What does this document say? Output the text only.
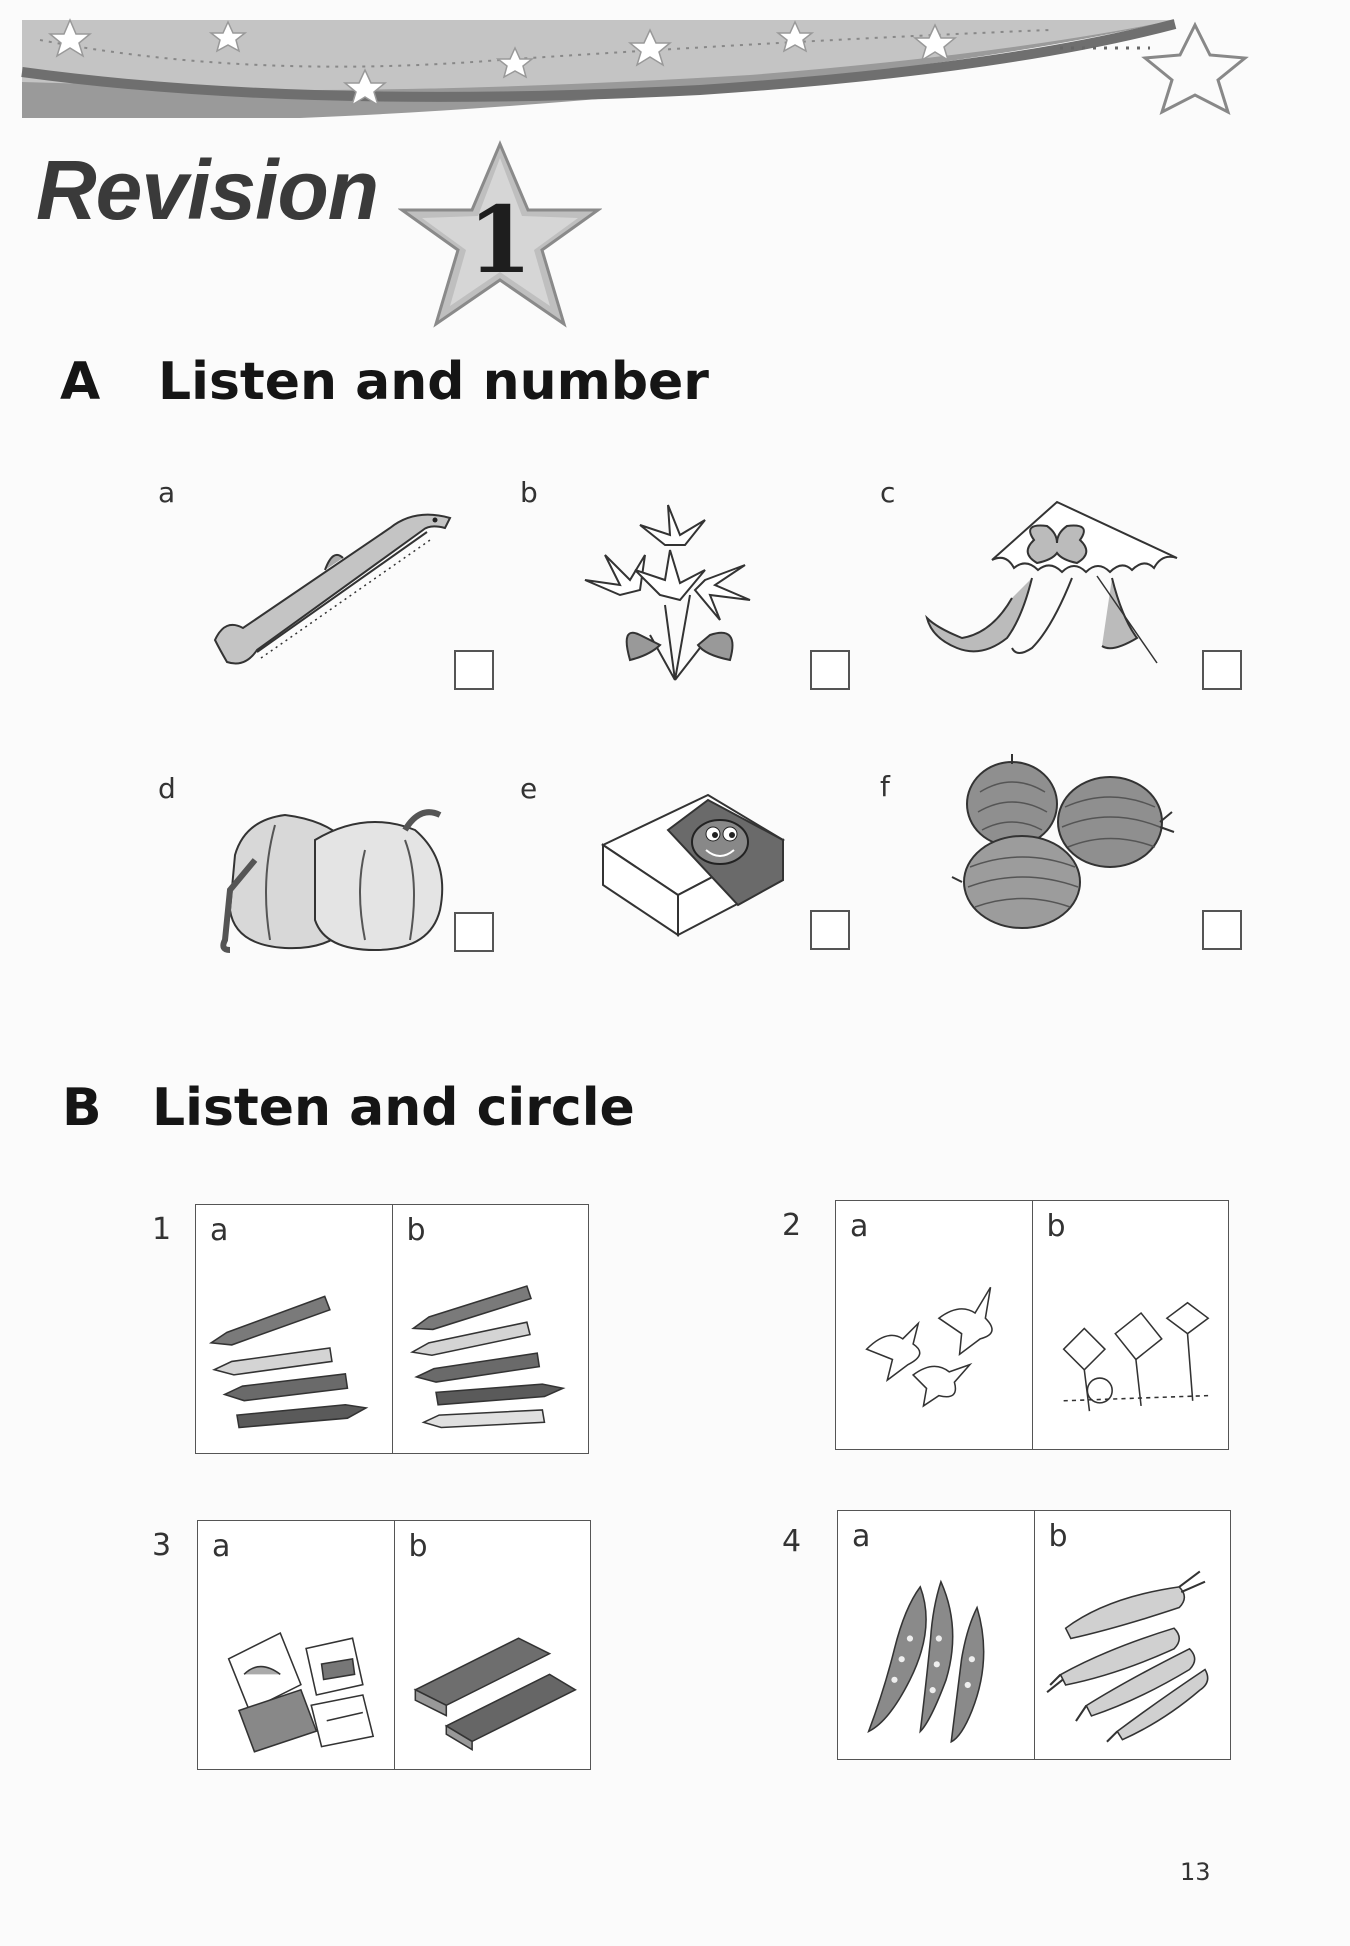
Revision 1
A Listen and number
a	b	c
d	e	f
B Listen and circle
1 a	b	2 a	b
3 a	b	4 a	b
13
